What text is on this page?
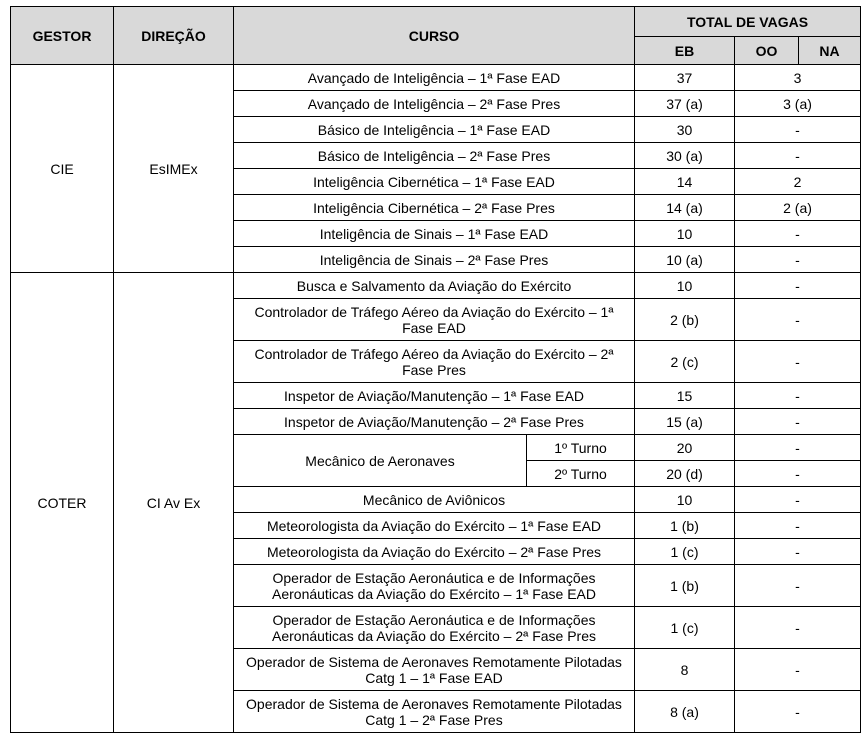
GESTOR	DIREÇÃO	CURSO		TOTAL DE VAGAS		
				EB	OO	NA
CIE	EsIMEx	Avançado de Inteligência – 1ª Fase EAD		37	3	
		Avançado de Inteligência – 2ª Fase Pres		37 (a)	3 (a)	
		Básico de Inteligência – 1ª Fase EAD		30	-	
		Básico de Inteligência – 2ª Fase Pres		30 (a)	-	
		Inteligência Cibernética – 1ª Fase EAD		14	2	
		Inteligência Cibernética – 2ª Fase Pres		14 (a)	2 (a)	
		Inteligência de Sinais – 1ª Fase EAD		10	-	
		Inteligência de Sinais – 2ª Fase Pres		10 (a)	-	
COTER	CI Av Ex	Busca e Salvamento da Aviação do Exército		10	-	
		Controlador de Tráfego Aéreo da Aviação do Exército – 1ª Fase EAD		2 (b)	-	
		Controlador de Tráfego Aéreo da Aviação do Exército – 2ª Fase Pres		2 (c)	-	
		Inspetor de Aviação/Manutenção – 1ª Fase EAD		15	-	
		Inspetor de Aviação/Manutenção – 2ª Fase Pres		15 (a)	-	
		Mecânico de Aeronaves	1º Turno	20	-	
			2º Turno	20 (d)	-	
		Mecânico de Aviônicos		10	-	
		Meteorologista da Aviação do Exército – 1ª Fase EAD		1 (b)	-	
		Meteorologista da Aviação do Exército – 2ª Fase Pres		1 (c)	-	
		Operador de Estação Aeronáutica e de Informações Aeronáuticas da Aviação do Exército – 1ª Fase EAD		1 (b)	-	
		Operador de Estação Aeronáutica e de Informações Aeronáuticas da Aviação do Exército – 2ª Fase Pres		1 (c)	-	
		Operador de Sistema de Aeronaves Remotamente Pilotadas Catg 1 – 1ª Fase EAD		8	-	
		Operador de Sistema de Aeronaves Remotamente Pilotadas Catg 1 – 2ª Fase Pres		8 (a)	-	
